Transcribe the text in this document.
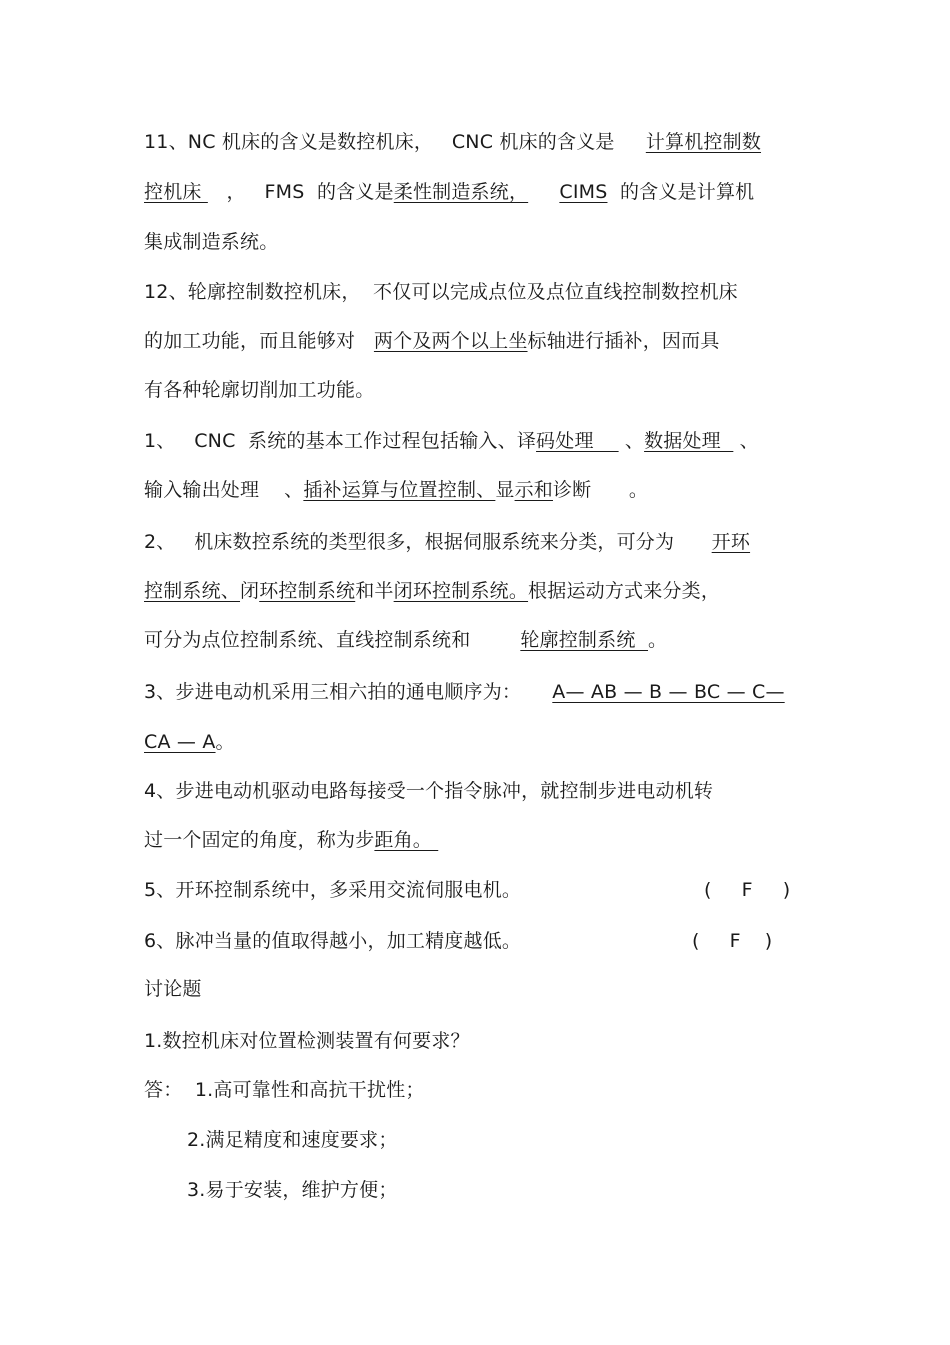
11、NC 机床的含义是数控机床，   CNC 机床的含义是     计算机控制数
控机床    ，   FMS  的含义是柔性制造系统， CIMS  的含义是计算机
集成制造系统。
12、轮廓控制数控机床，  不仅可以完成点位及点位直线控制数控机床
的加工功能，而且能够对   两个及两个以上坐标轴进行插补，因而具
有各种轮廓切削加工功能。
1、   CNC  系统的基本工作过程包括输入、译码处理     、数据处理   、
输入输出处理    、插补运算与位置控制、显示和诊断      。
2、   机床数控系统的类型很多，根据伺服系统来分类，可分为      开环
控制系统、闭环控制系统和半闭环控制系统。根据运动方式来分类，
可分为点位控制系统、直线控制系统和        轮廓控制系统  。
3、步进电动机采用三相六拍的通电顺序为：     A— AB — B — BC — C—
CA — A。
4、步进电动机驱动电路每接受一个指令脉冲，就控制步进电动机转
过一个固定的角度，称为步距角。
5、开环控制系统中，多采用交流伺服电机。	(     F     )
6、脉冲当量的值取得越小，加工精度越低。	(     F    )
讨论题
1.数控机床对位置检测装置有何要求？
答：  1.高可靠性和高抗干扰性；
2.满足精度和速度要求；
3.易于安装，维护方便；
